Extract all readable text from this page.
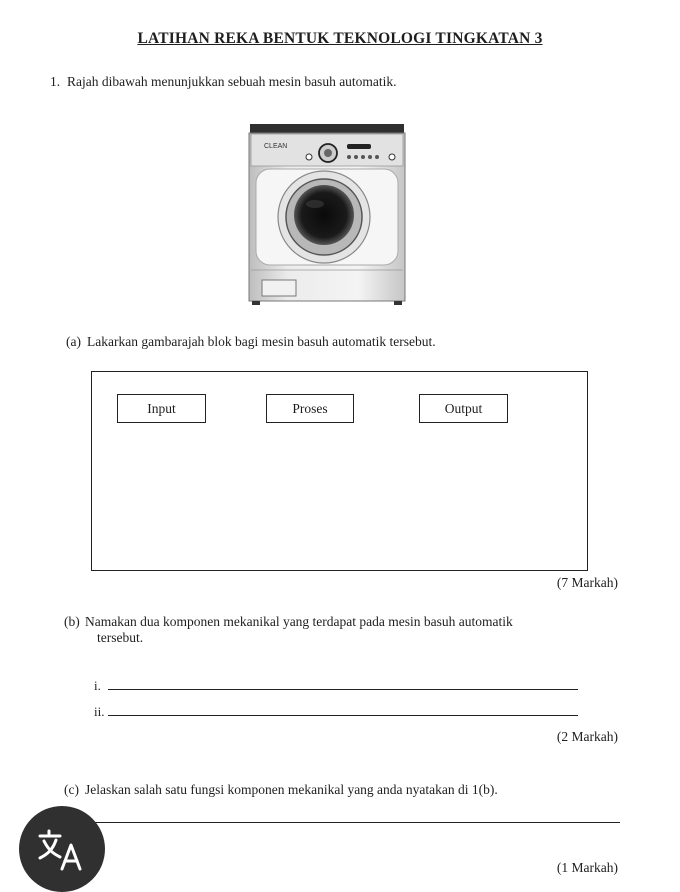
LATIHAN REKA BENTUK TEKNOLOGI TINGKATAN 3
1. Rajah dibawah menunjukkan sebuah mesin basuh automatik.
CLEAN
(a) Lakarkan gambarajah blok bagi mesin basuh automatik tersebut.
Input	Proses	Output
(7 Markah)
(b) Namakan dua komponen mekanikal yang terdapat pada mesin basuh automatik
tersebut.
i.
ii.
(2 Markah)
(c) Jelaskan salah satu fungsi komponen mekanikal yang anda nyatakan di 1(b).
(1 Markah)
